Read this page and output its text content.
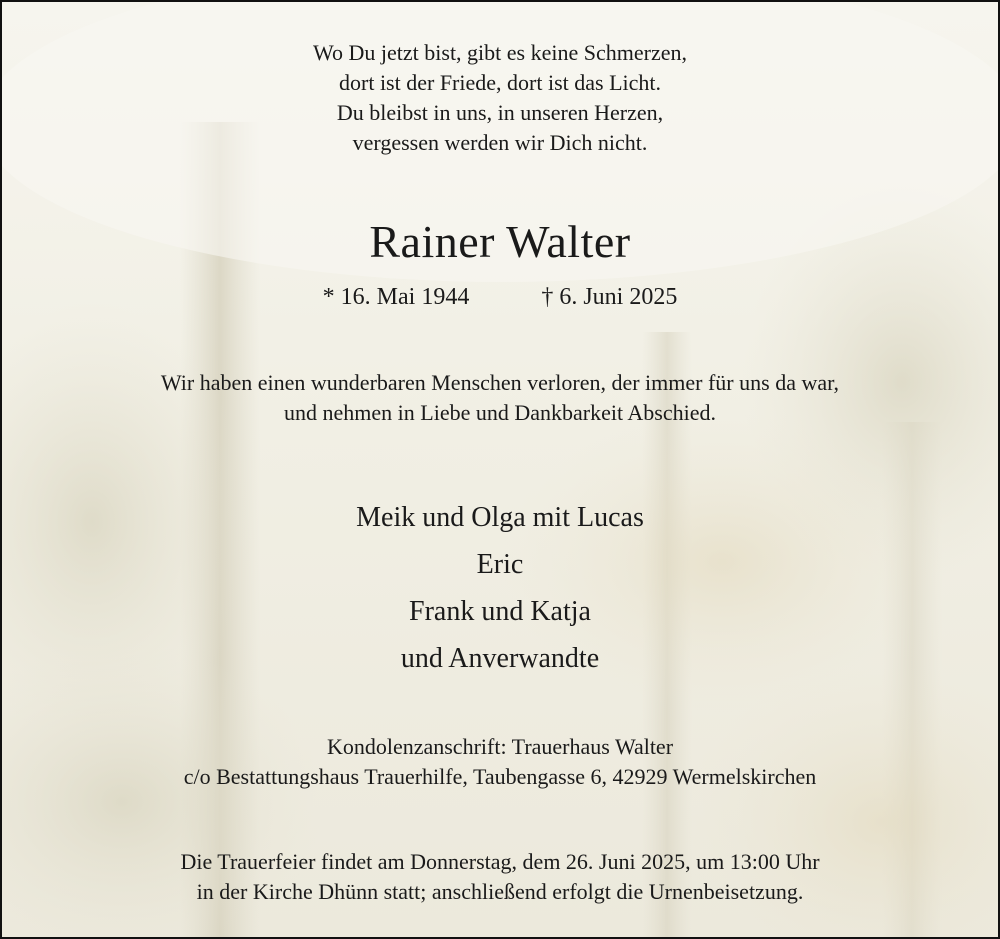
Wo Du jetzt bist, gibt es keine Schmerzen,
dort ist der Friede, dort ist das Licht.
Du bleibst in uns, in unseren Herzen,
vergessen werden wir Dich nicht.
Rainer Walter
* 16. Mai 1944	† 6. Juni 2025
Wir haben einen wunderbaren Menschen verloren, der immer für uns da war,
und nehmen in Liebe und Dankbarkeit Abschied.
Meik und Olga mit Lucas
Eric
Frank und Katja
und Anverwandte
Kondolenzanschrift: Trauerhaus Walter
c/o Bestattungshaus Trauerhilfe, Taubengasse 6, 42929 Wermelskirchen
Die Trauerfeier findet am Donnerstag, dem 26. Juni 2025, um 13:00 Uhr
in der Kirche Dhünn statt; anschließend erfolgt die Urnenbeisetzung.
